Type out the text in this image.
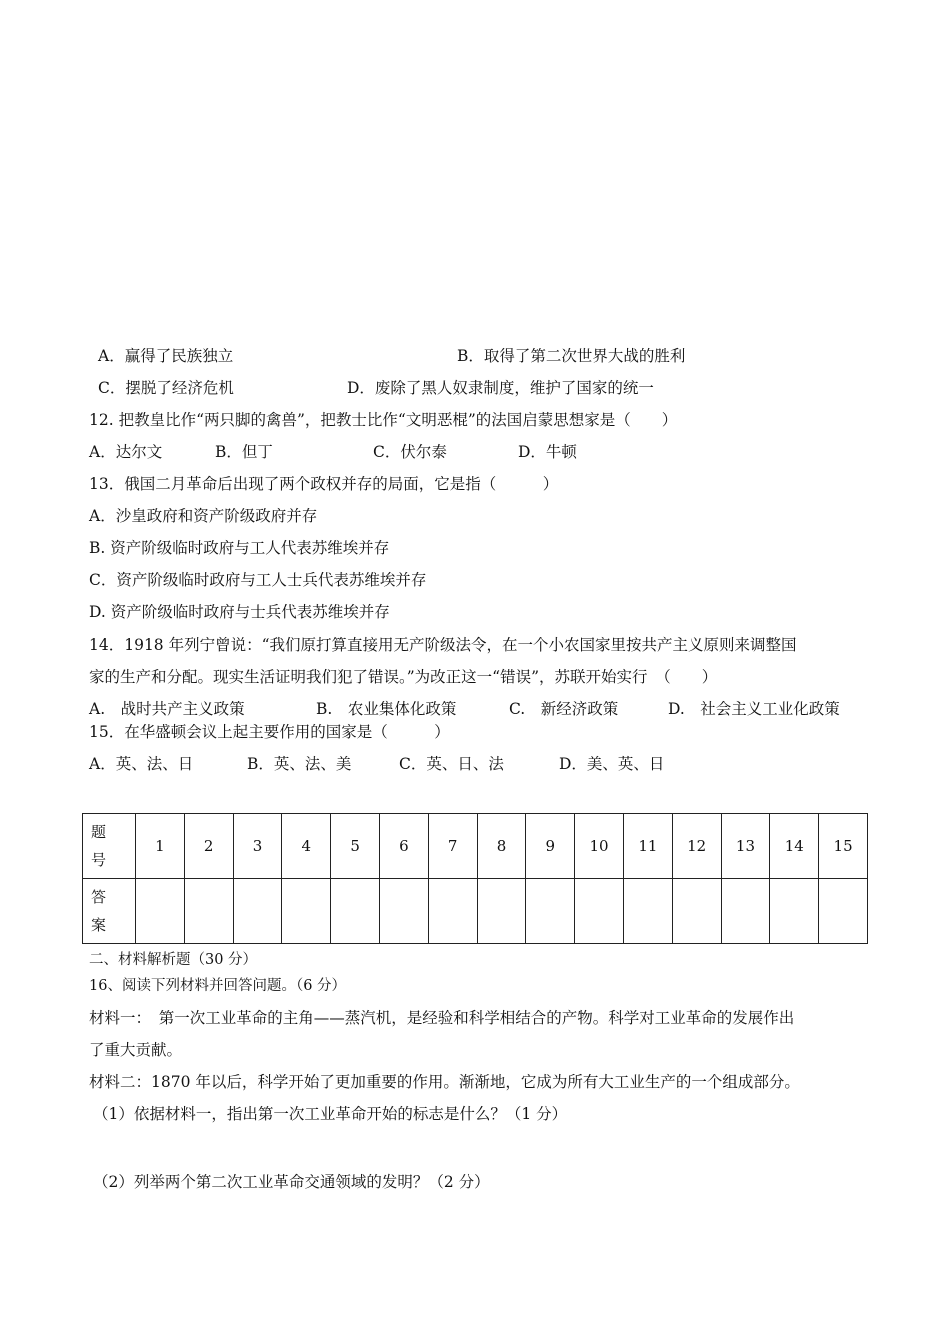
A．赢得了民族独立	B．取得了第二次世界大战的胜利
C．摆脱了经济危机	D．废除了黑人奴隶制度，维护了国家的统一
12. 把教皇比作“两只脚的禽兽”，把教士比作“文明恶棍”的法国启蒙思想家是（　　）
A．达尔文	B．但丁	C．伏尔泰	D．牛顿
13．俄国二月革命后出现了两个政权并存的局面，它是指（　　　）
A．沙皇政府和资产阶级政府并存
B. 资产阶级临时政府与工人代表苏维埃并存
C．资产阶级临时政府与工人士兵代表苏维埃并存
D. 资产阶级临时政府与士兵代表苏维埃并存
14．1918 年列宁曾说：“我们原打算直接用无产阶级法令，在一个小农国家里按共产主义原则来调整国
家的生产和分配。现实生活证明我们犯了错误。”为改正这一“错误”，苏联开始实行　（　　）
A.　战时共产主义政策	B.　农业集体化政策	C.　新经济政策	D.　社会主义工业化政策
15．在华盛顿会议上起主要作用的国家是（　　　）
A．英、法、日	B．英、法、美	C．英、日、法	D．美、英、日
题
号	1	2	3	4	5	6	7	8	9	10	11	12	13	14	15
答
案															
二、材料解析题（30 分）
16、阅读下列材料并回答问题。（6 分）
材料一：　第一次工业革命的主角——蒸汽机，是经验和科学相结合的产物。科学对工业革命的发展作出
了重大贡献。
材料二：1870 年以后，科学开始了更加重要的作用。渐渐地，它成为所有大工业生产的一个组成部分。
（1）依据材料一，指出第一次工业革命开始的标志是什么？（1 分）
（2）列举两个第二次工业革命交通领域的发明？（2 分）
